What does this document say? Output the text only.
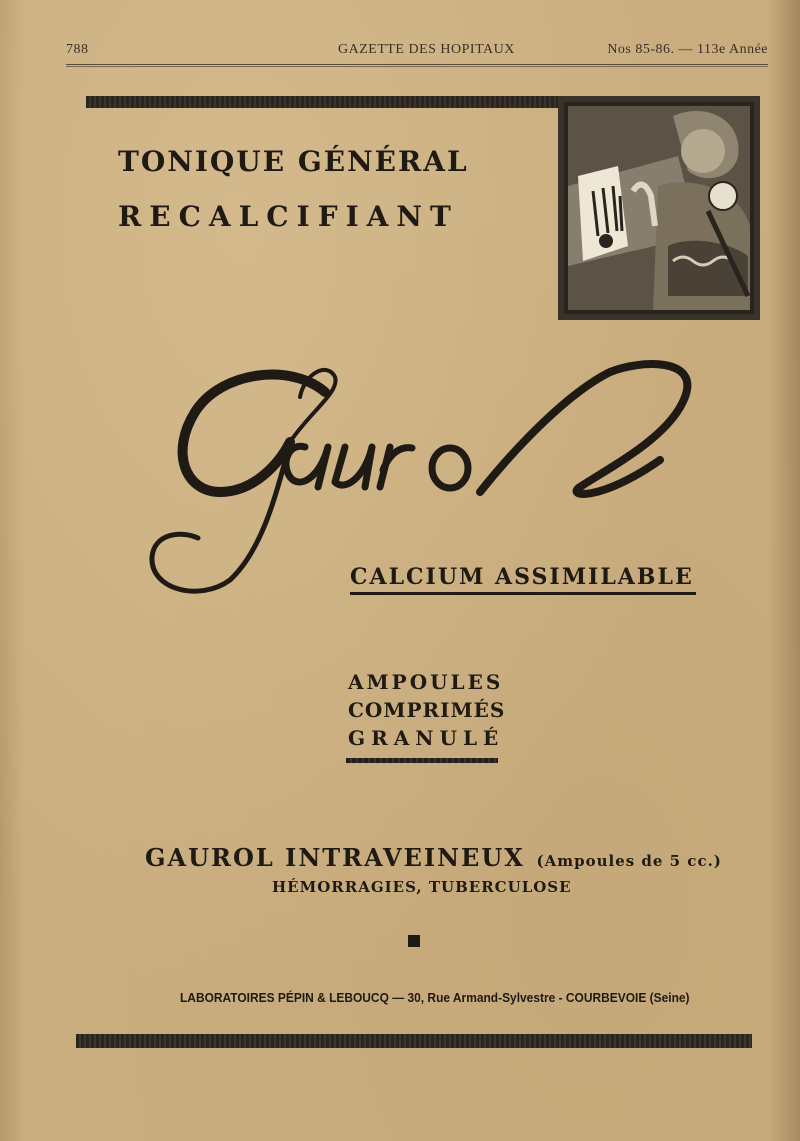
788	GAZETTE DES HOPITAUX	Nos 85-86. — 113e Année
TONIQUE GÉNÉRAL
RECALCIFIANT
CALCIUM ASSIMILABLE
AMPOULES
COMPRIMÉS
GRANULÉ
GAUROL INTRAVEINEUX (Ampoules de 5 cc.)
HÉMORRAGIES, TUBERCULOSE
LABORATOIRES PÉPIN & LEBOUCQ — 30, Rue Armand-Sylvestre - COURBEVOIE (Seine)
